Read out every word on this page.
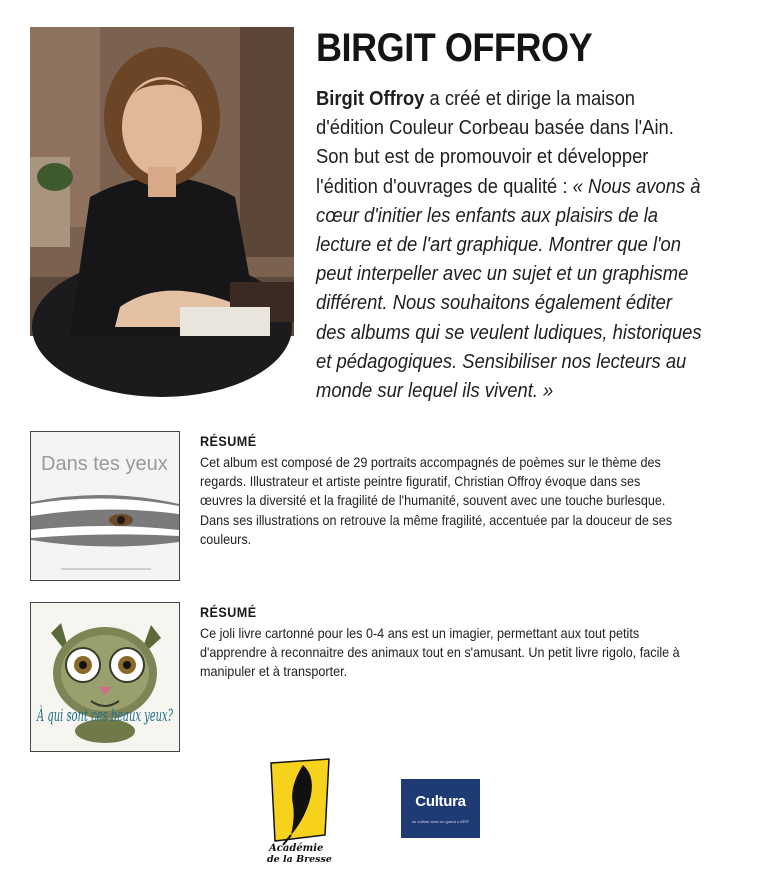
BIRGIT OFFROY
Birgit Offroy a créé et dirige la maison d'édition Couleur Corbeau basée dans l'Ain. Son but est de promouvoir et développer l'édition d'ouvrages de qualité : « Nous avons à cœur d'initier les enfants aux plaisirs de la lecture et de l'art graphique. Montrer que l'on peut interpeller avec un sujet et un graphisme différent. Nous souhaitons également éditer des albums qui se veulent ludiques, historiques et pédagogiques. Sensibiliser nos lecteurs au monde sur lequel ils vivent. »
Dans tes yeux

RÉSUMÉ

Cet album est composé de 29 portraits accompagnés de poèmes sur le thème des regards. Illustrateur et artiste peintre figuratif, Christian Offroy évoque dans ses œuvres la diversité et la fragilité de l'humanité, souvent avec une touche burlesque. Dans ses illustrations on retrouve la même fragilité, accentuée par la douceur de ses couleurs.
À qui sont ces beaux yeux?

RÉSUMÉ

Ce joli livre cartonné pour les 0-4 ans est un imagier, permettant aux tout petits d'apprendre à reconnaitre des animaux tout en s'amusant. Un petit livre rigolo, facile à manipuler et à transporter.
Académie
de la Bresse
Cultura
un culture avec un grand c.ARIT
